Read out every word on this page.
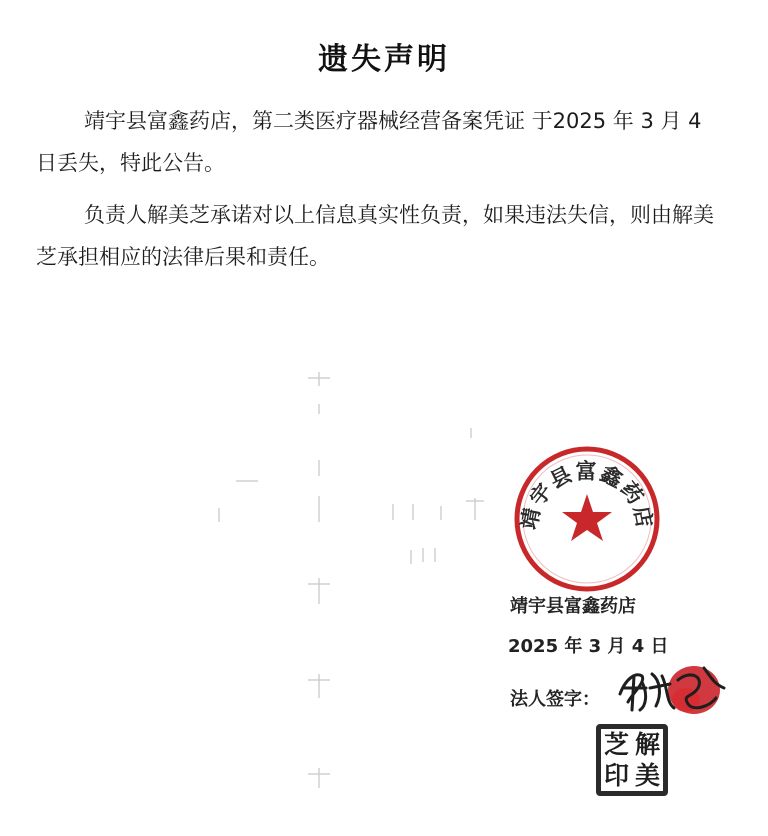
遗失声明
靖宇县富鑫药店，第二类医疗器械经营备案凭证 于2025 年 3 月 4 日丢失，特此公告。
负责人解美芝承诺对以上信息真实性负责，如果违法失信，则由解美芝承担相应的法律后果和责任。
靖宇县富鑫药店
靖宇县富鑫药店
2025 年 3 月 4 日
法人签字：
芝 解
印 美
